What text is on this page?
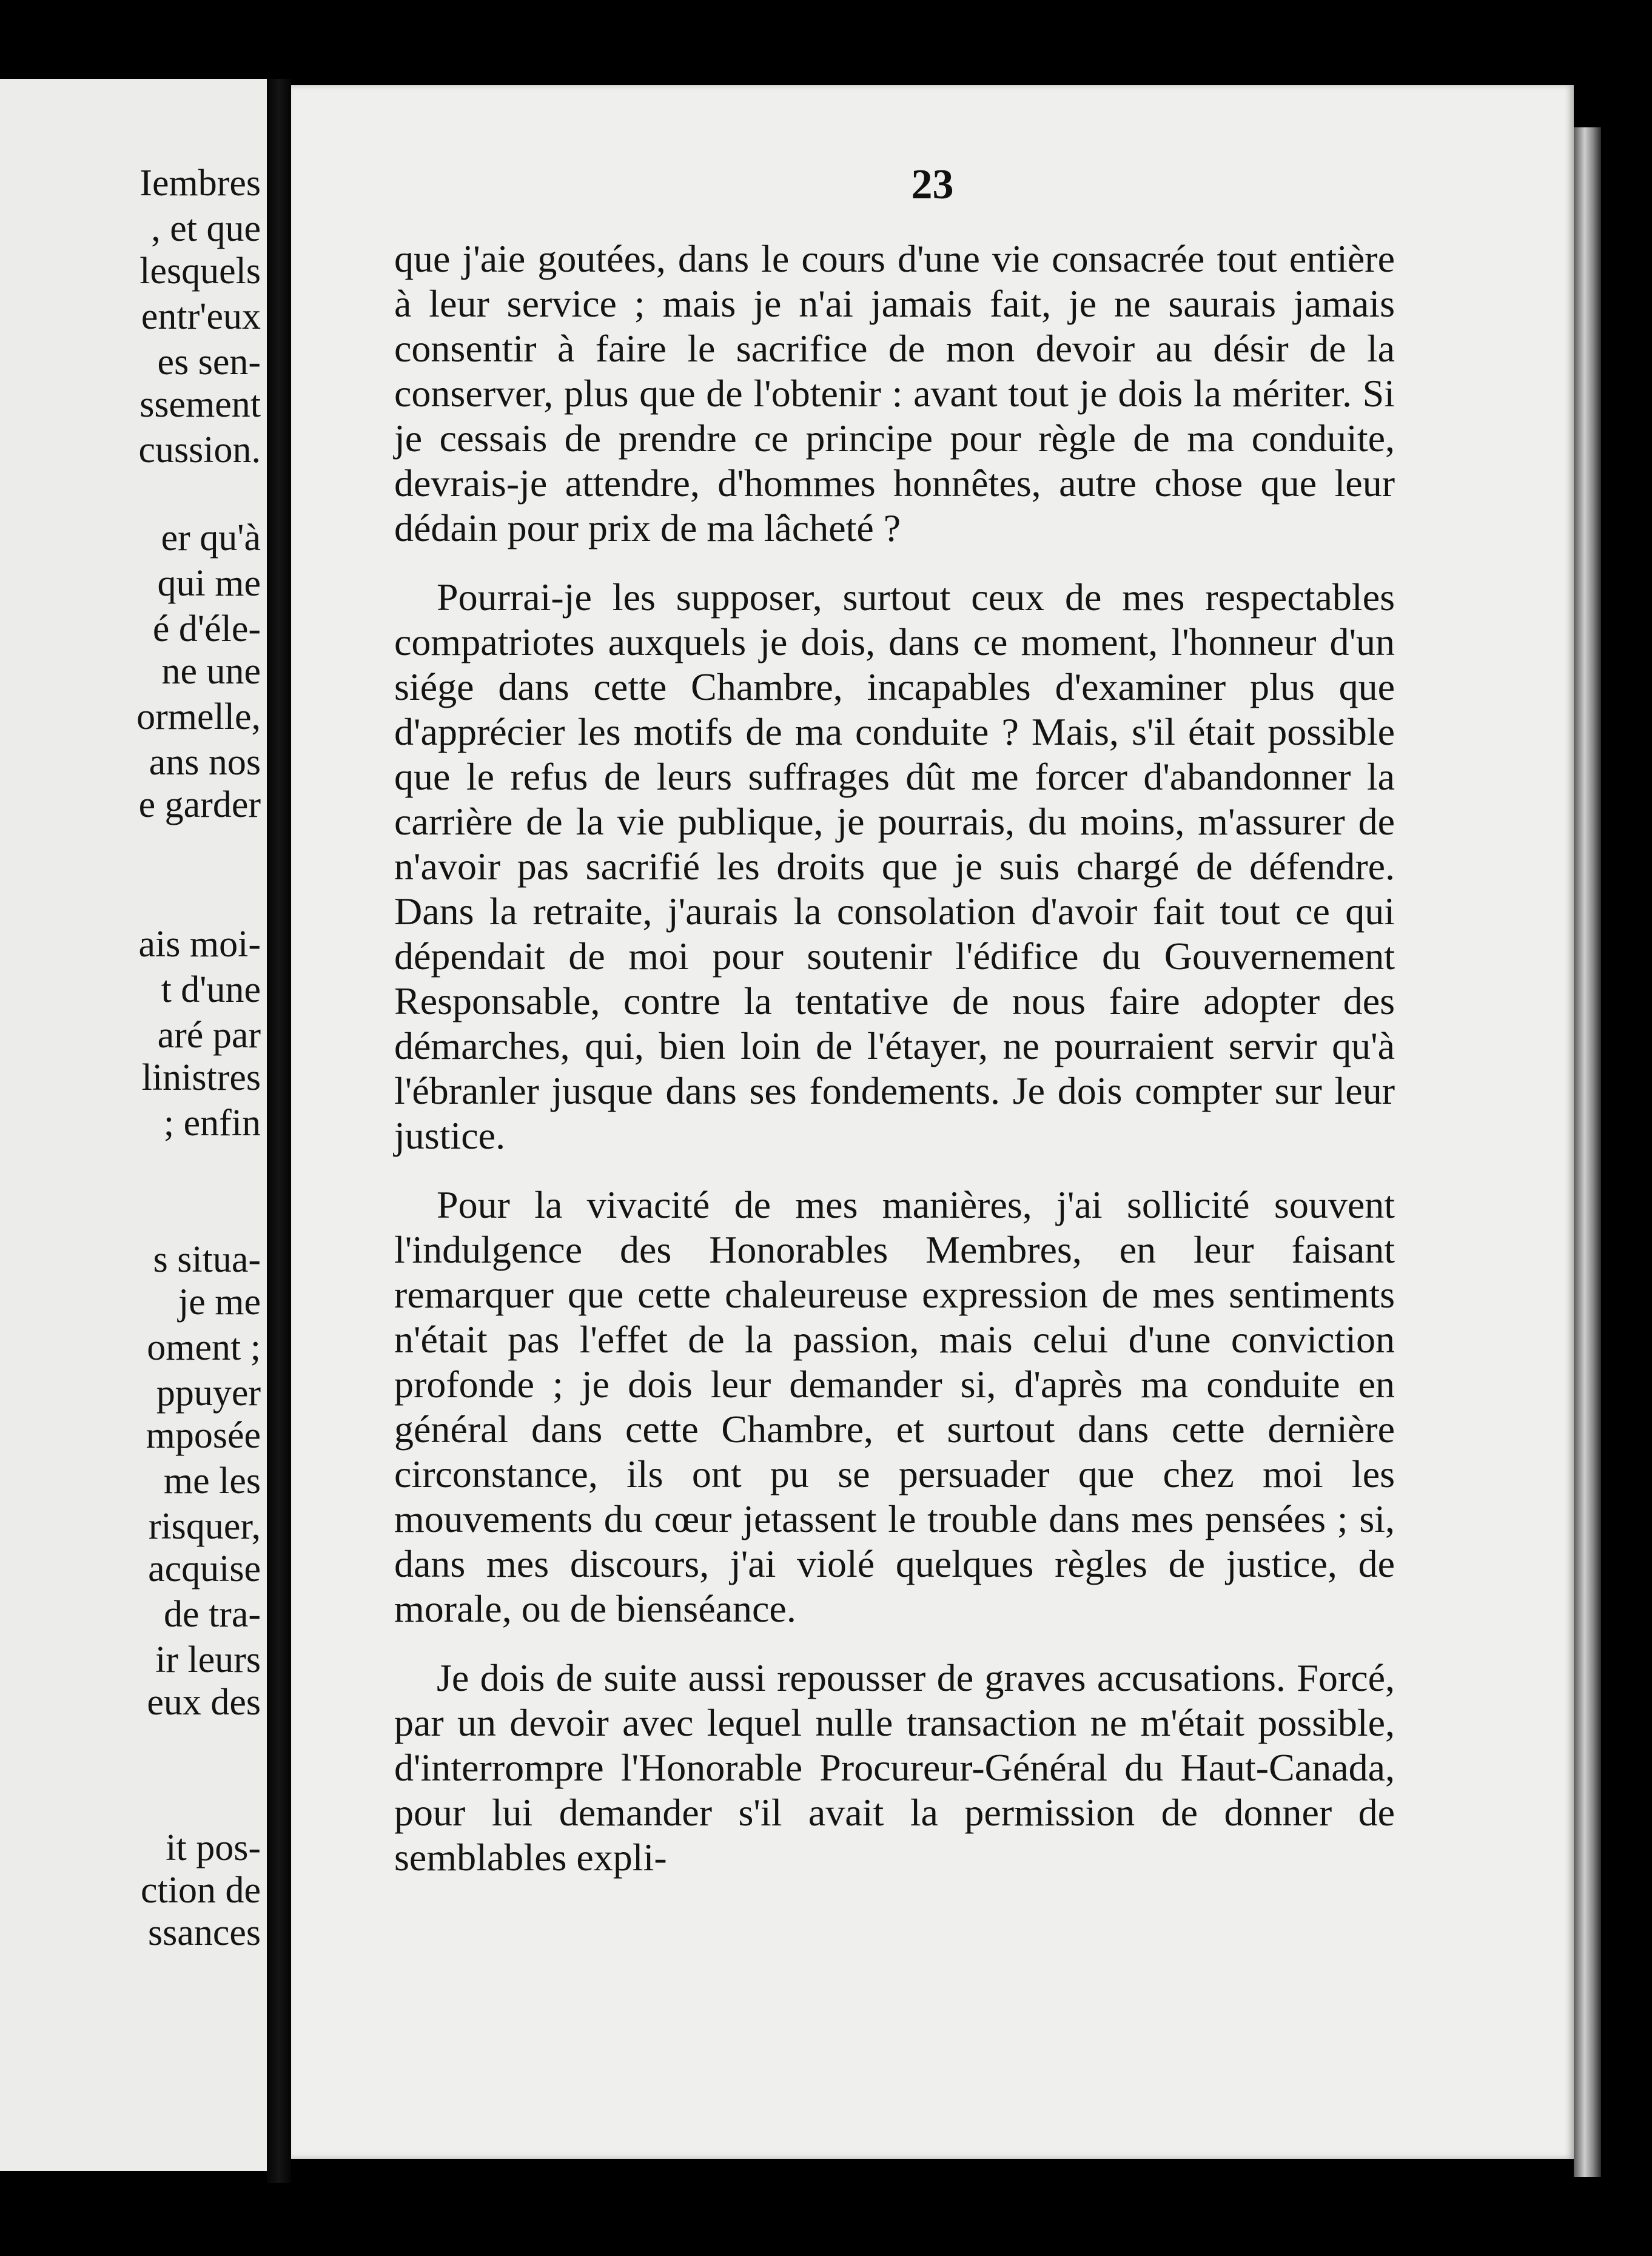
Iembres
, et que
lesquels
entr'eux
es sen-
ssement
cussion.
er qu'à
qui me
é d'éle-
ne une
ormelle,
ans nos
e garder
ais moi-
t d'une
aré par
linistres
; enfin
s situa-
je me
oment ;
ppuyer
mposée
me les
risquer,
acquise
de tra-
ir leurs
eux des
it pos-
ction de
ssances
23

que j'aie goutées, dans le cours d'une vie consacrée tout entière à leur service ; mais je n'ai jamais fait, je ne saurais jamais consentir à faire le sacrifice de mon devoir au désir de la conserver, plus que de l'obtenir : avant tout je dois la mériter. Si je cessais de prendre ce principe pour règle de ma conduite, devrais-je attendre, d'hommes honnêtes, autre chose que leur dédain pour prix de ma lâcheté ?

Pourrai-je les supposer, surtout ceux de mes respectables compatriotes auxquels je dois, dans ce moment, l'honneur d'un siége dans cette Chambre, incapables d'examiner plus que d'apprécier les motifs de ma conduite ? Mais, s'il était possible que le refus de leurs suffrages dût me forcer d'abandonner la carrière de la vie publique, je pourrais, du moins, m'assurer de n'avoir pas sacrifié les droits que je suis chargé de défendre. Dans la retraite, j'aurais la consolation d'avoir fait tout ce qui dépendait de moi pour soutenir l'édifice du Gouvernement Responsable, contre la tentative de nous faire adopter des démarches, qui, bien loin de l'étayer, ne pourraient servir qu'à l'ébranler jusque dans ses fondements. Je dois compter sur leur justice.

Pour la vivacité de mes manières, j'ai sollicité souvent l'indulgence des Honorables Membres, en leur faisant remarquer que cette chaleureuse expression de mes sentiments n'était pas l'effet de la passion, mais celui d'une conviction profonde ; je dois leur demander si, d'après ma conduite en général dans cette Chambre, et surtout dans cette dernière circonstance, ils ont pu se persuader que chez moi les mouvements du cœur jetassent le trouble dans mes pensées ; si, dans mes discours, j'ai violé quelques règles de justice, de morale, ou de bienséance.

Je dois de suite aussi repousser de graves accusations. Forcé, par un devoir avec lequel nulle transaction ne m'était possible, d'interrompre l'Honorable Procureur-Général du Haut-Canada, pour lui demander s'il avait la permission de donner de semblables expli-
